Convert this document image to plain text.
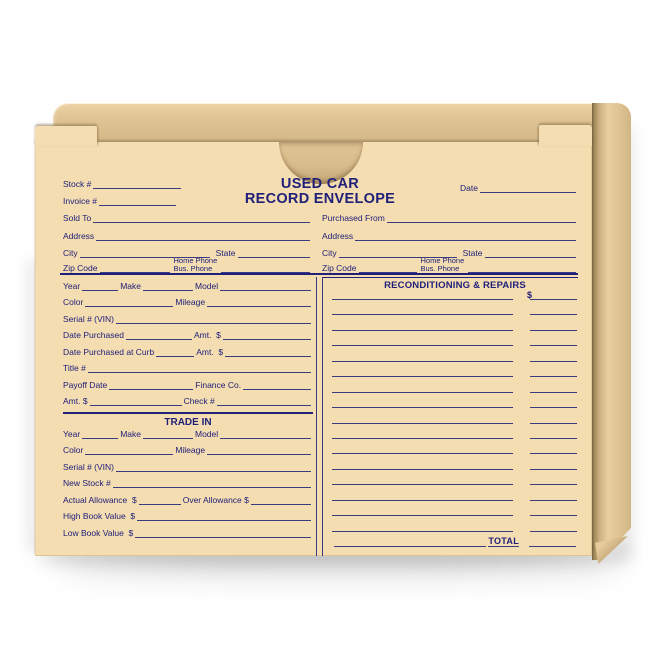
USED CAR
RECORD ENVELOPE
Stock #
Invoice #
Sold To
Address
City	State
Zip Code
Home Phone
Bus. Phone
Date
Purchased From
Address
City	State
Zip Code
Home Phone
Bus. Phone
Year	Make	Model
Color	Mileage
Serial # (VIN)
Date Purchased	Amt.  $
Date Purchased at Curb	Amt.  $
Title #
Payoff Date	Finance Co.
Amt. $	Check #
TRADE IN
Year	Make	Model
Color	Mileage
Serial # (VIN)
New Stock #
Actual Allowance  $	Over Allowance $
High Book Value  $
Low Book Value  $
RECONDITIONING & REPAIRS
$
TOTAL
